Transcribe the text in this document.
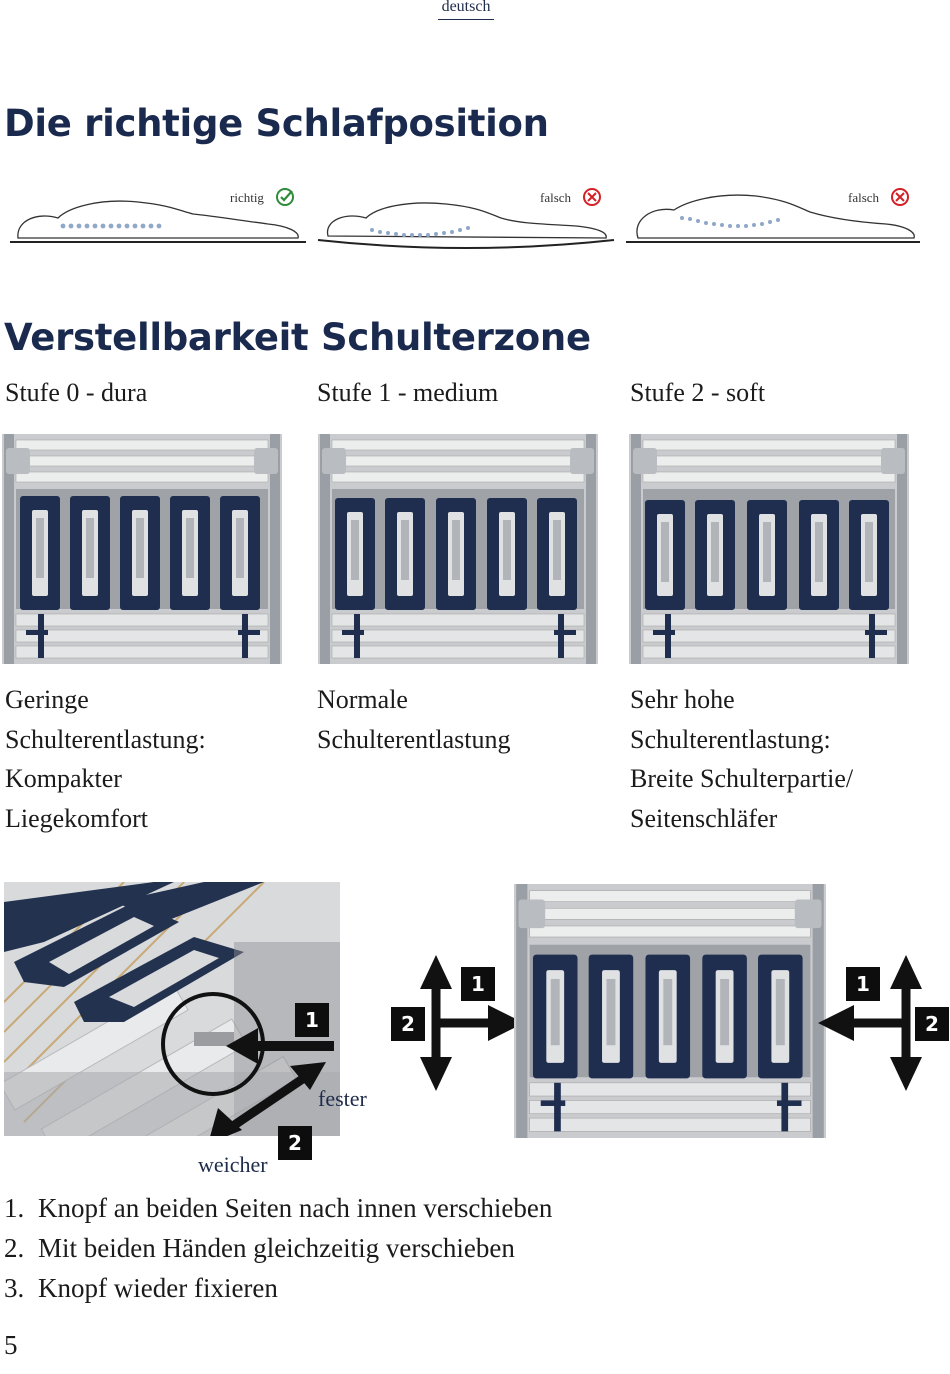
deutsch
Die richtige Schlafposition
richtig	falsch	falsch
Verstellbarkeit Schulterzone
Stufe 0 - dura	Stufe 1 - medium	Stufe 2 - soft
Geringe
Schulterentlastung:
Kompakter
Liegekomfort
Normale
Schulterentlastung
Sehr hohe
Schulterentlastung:
Breite Schulterpartie/
Seitenschläfer
1
2
fester
weicher
1
2
1
2
1. Knopf an beiden Seiten nach innen verschieben
2. Mit beiden Händen gleichzeitig verschieben
3. Knopf wieder fixieren
5
